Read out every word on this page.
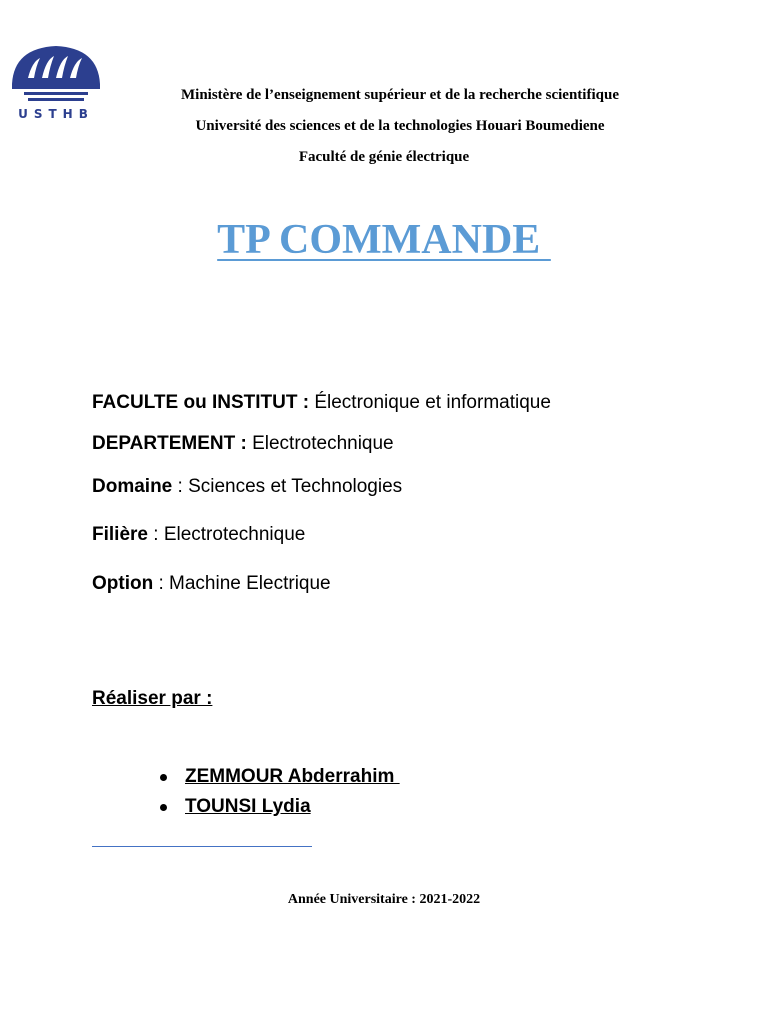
USTHB
Ministère de l’enseignement supérieur et de la recherche scientifique
Université des sciences et de la technologies Houari Boumediene
Faculté de génie électrique
TP COMMANDE
FACULTE ou INSTITUT : Électronique et informatique
DEPARTEMENT : Electrotechnique
Domaine : Sciences et Technologies
Filière : Electrotechnique
Option : Machine Electrique
Réaliser par :

ZEMMOUR Abderrahim

TOUNSI Lydia

Année Universitaire : 2021-2022
